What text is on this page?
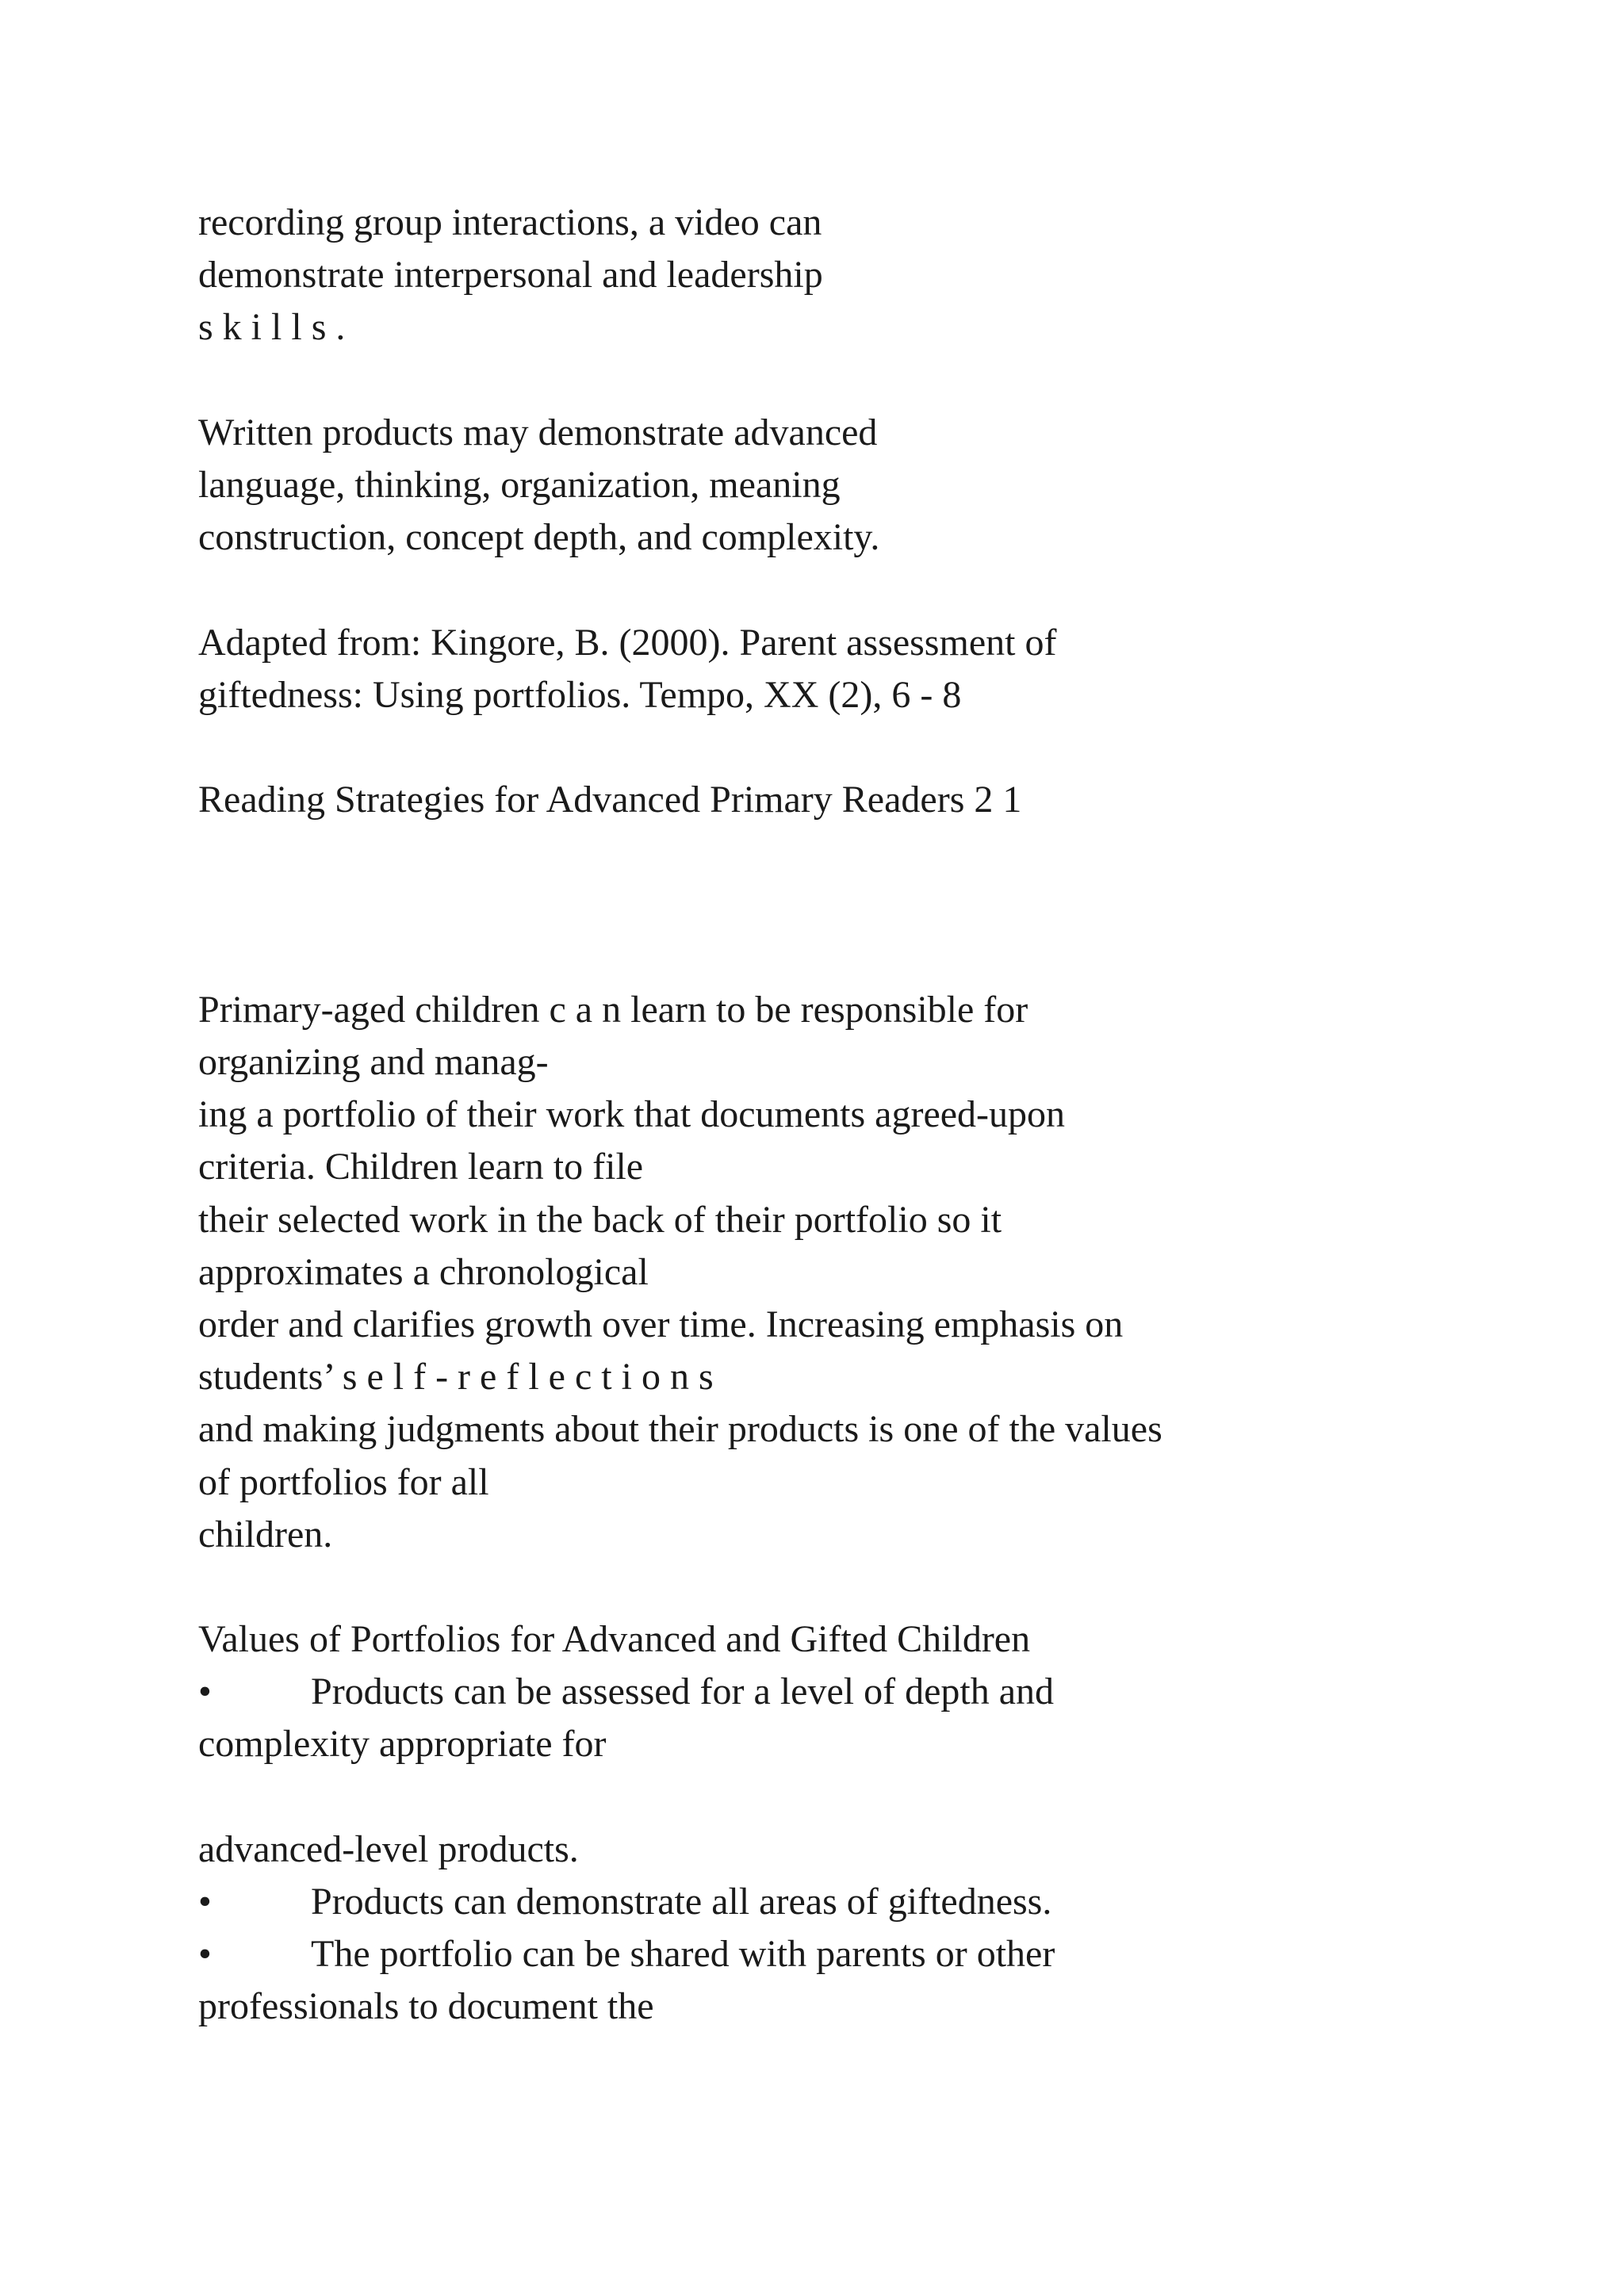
recording group interactions, a video can
demonstrate interpersonal and leadership
s k i l l s .
Written products may demonstrate advanced
language, thinking, organization, meaning
construction, concept depth, and complexity.
Adapted from: Kingore, B. (2000). Parent assessment of
giftedness: Using portfolios. Tempo, XX (2), 6 - 8
Reading Strategies for Advanced Primary Readers 2 1
Primary-aged children c a n learn to be responsible for
organizing and manag-
ing a portfolio of their work that documents agreed-upon
criteria. Children learn to file
their selected work in the back of their portfolio so it
approximates a chronological
order and clarifies growth over time. Increasing emphasis on
students’ s e l f - r e f l e c t i o n s
and making judgments about their products is one of the values
of portfolios for all
children.
Values of Portfolios for Advanced and Gifted Children
•	Products can be assessed for a level of depth and
complexity appropriate for
advanced-level products.
•	Products can demonstrate all areas of giftedness.
•	The portfolio can be shared with parents or other
professionals to document the
